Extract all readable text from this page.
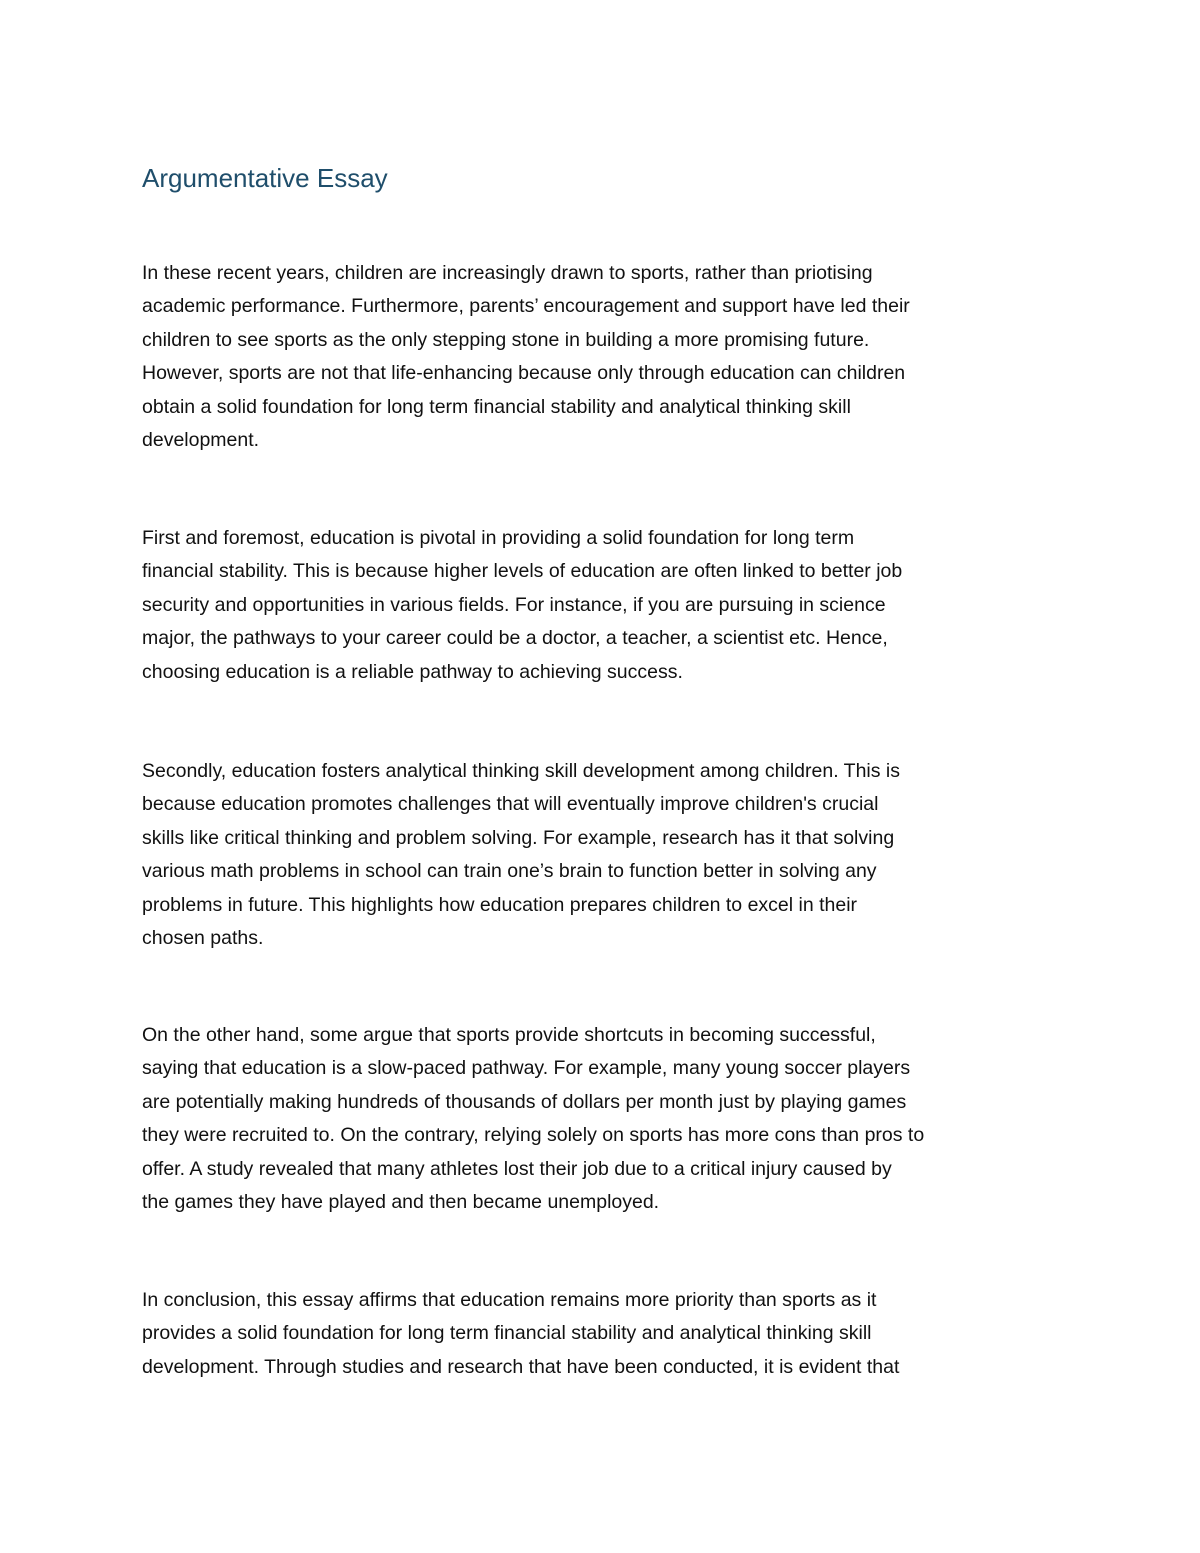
Argumentative Essay

In these recent years, children are increasingly drawn to sports, rather than priotising
academic performance. Furthermore, parents’ encouragement and support have led their
children to see sports as the only stepping stone in building a more promising future.
However, sports are not that life-enhancing because only through education can children
obtain a solid foundation for long term financial stability and analytical thinking skill
development.

First and foremost, education is pivotal in providing a solid foundation for long term
financial stability. This is because higher levels of education are often linked to better job
security and opportunities in various fields. For instance, if you are pursuing in science
major, the pathways to your career could be a doctor, a teacher, a scientist etc. Hence,
choosing education is a reliable pathway to achieving success.

Secondly, education fosters analytical thinking skill development among children. This is
because education promotes challenges that will eventually improve children's crucial
skills like critical thinking and problem solving. For example, research has it that solving
various math problems in school can train one’s brain to function better in solving any
problems in future. This highlights how education prepares children to excel in their
chosen paths.

On the other hand, some argue that sports provide shortcuts in becoming successful,
saying that education is a slow-paced pathway. For example, many young soccer players
are potentially making hundreds of thousands of dollars per month just by playing games
they were recruited to. On the contrary, relying solely on sports has more cons than pros to
offer. A study revealed that many athletes lost their job due to a critical injury caused by
the games they have played and then became unemployed.

In conclusion, this essay affirms that education remains more priority than sports as it
provides a solid foundation for long term financial stability and analytical thinking skill
development. Through studies and research that have been conducted, it is evident that
